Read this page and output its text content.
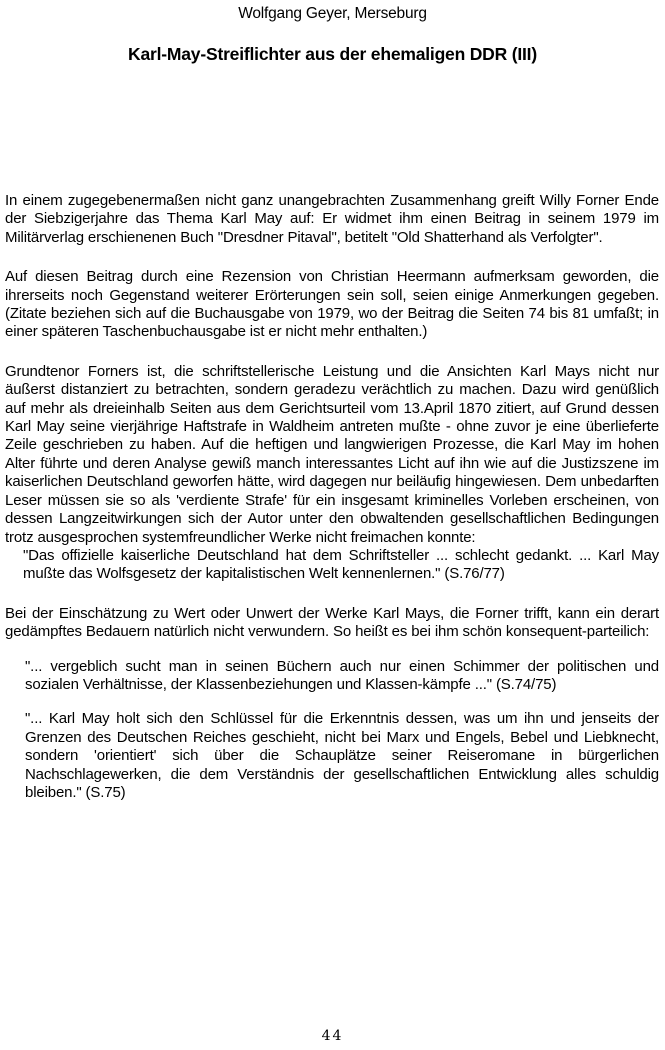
Wolfgang Geyer, Merseburg
Karl-May-Streiflichter aus der ehemaligen DDR (III)

In einem zugegebenermaßen nicht ganz unangebrachten Zusammenhang greift Willy Forner Ende der Siebzigerjahre das Thema Karl May auf: Er widmet ihm einen Beitrag in seinem 1979 im Militärverlag erschienenen Buch "Dresdner Pitaval", betitelt "Old Shatterhand als Verfolgter".

Auf diesen Beitrag durch eine Rezension von Christian Heermann aufmerksam geworden, die ihrerseits noch Gegenstand weiterer Erörterungen sein soll, seien einige Anmerkungen gegeben. (Zitate beziehen sich auf die Buchausgabe von 1979, wo der Beitrag die Seiten 74 bis 81 umfaßt; in einer späteren Taschenbuchausgabe ist er nicht mehr enthalten.)

Grundtenor Forners ist, die schriftstellerische Leistung und die Ansichten Karl Mays nicht nur äußerst distanziert zu betrachten, sondern geradezu verächtlich zu machen. Dazu wird genüßlich auf mehr als dreieinhalb Seiten aus dem Gerichtsurteil vom 13.April 1870 zitiert, auf Grund dessen Karl May seine vierjährige Haftstrafe in Waldheim antreten mußte - ohne zuvor je eine überlieferte Zeile geschrieben zu haben. Auf die heftigen und langwierigen Prozesse, die Karl May im hohen Alter führte und deren Analyse gewiß manch interessantes Licht auf ihn wie auf die Justizszene im kaiserlichen Deutschland geworfen hätte, wird dagegen nur beiläufig hingewiesen. Dem unbedarften Leser müssen sie so als 'verdiente Strafe' für ein insgesamt kriminelles Vorleben erscheinen, von dessen Langzeitwirkungen sich der Autor unter den obwaltenden gesellschaftlichen Bedingungen trotz ausgesprochen systemfreundlicher Werke nicht freimachen konnte:

"Das offizielle kaiserliche Deutschland hat dem Schriftsteller ... schlecht gedankt. ... Karl May mußte das Wolfsgesetz der kapitalistischen Welt kennenlernen." (S.76/77)

Bei der Einschätzung zu Wert oder Unwert der Werke Karl Mays, die Forner trifft, kann ein derart gedämpftes Bedauern natürlich nicht verwundern. So heißt es bei ihm schön konsequent-parteilich:

"... vergeblich sucht man in seinen Büchern auch nur einen Schimmer der politischen und sozialen Verhältnisse, der Klassenbeziehungen und Klassen-kämpfe ..." (S.74/75)

"... Karl May holt sich den Schlüssel für die Erkenntnis dessen, was um ihn und jenseits der Grenzen des Deutschen Reiches geschieht, nicht bei Marx und Engels, Bebel und Liebknecht, sondern 'orientiert' sich über die Schauplätze seiner Reiseromane in bürgerlichen Nachschlagewerken, die dem Verständnis der gesellschaftlichen Entwicklung alles schuldig bleiben." (S.75)

44
